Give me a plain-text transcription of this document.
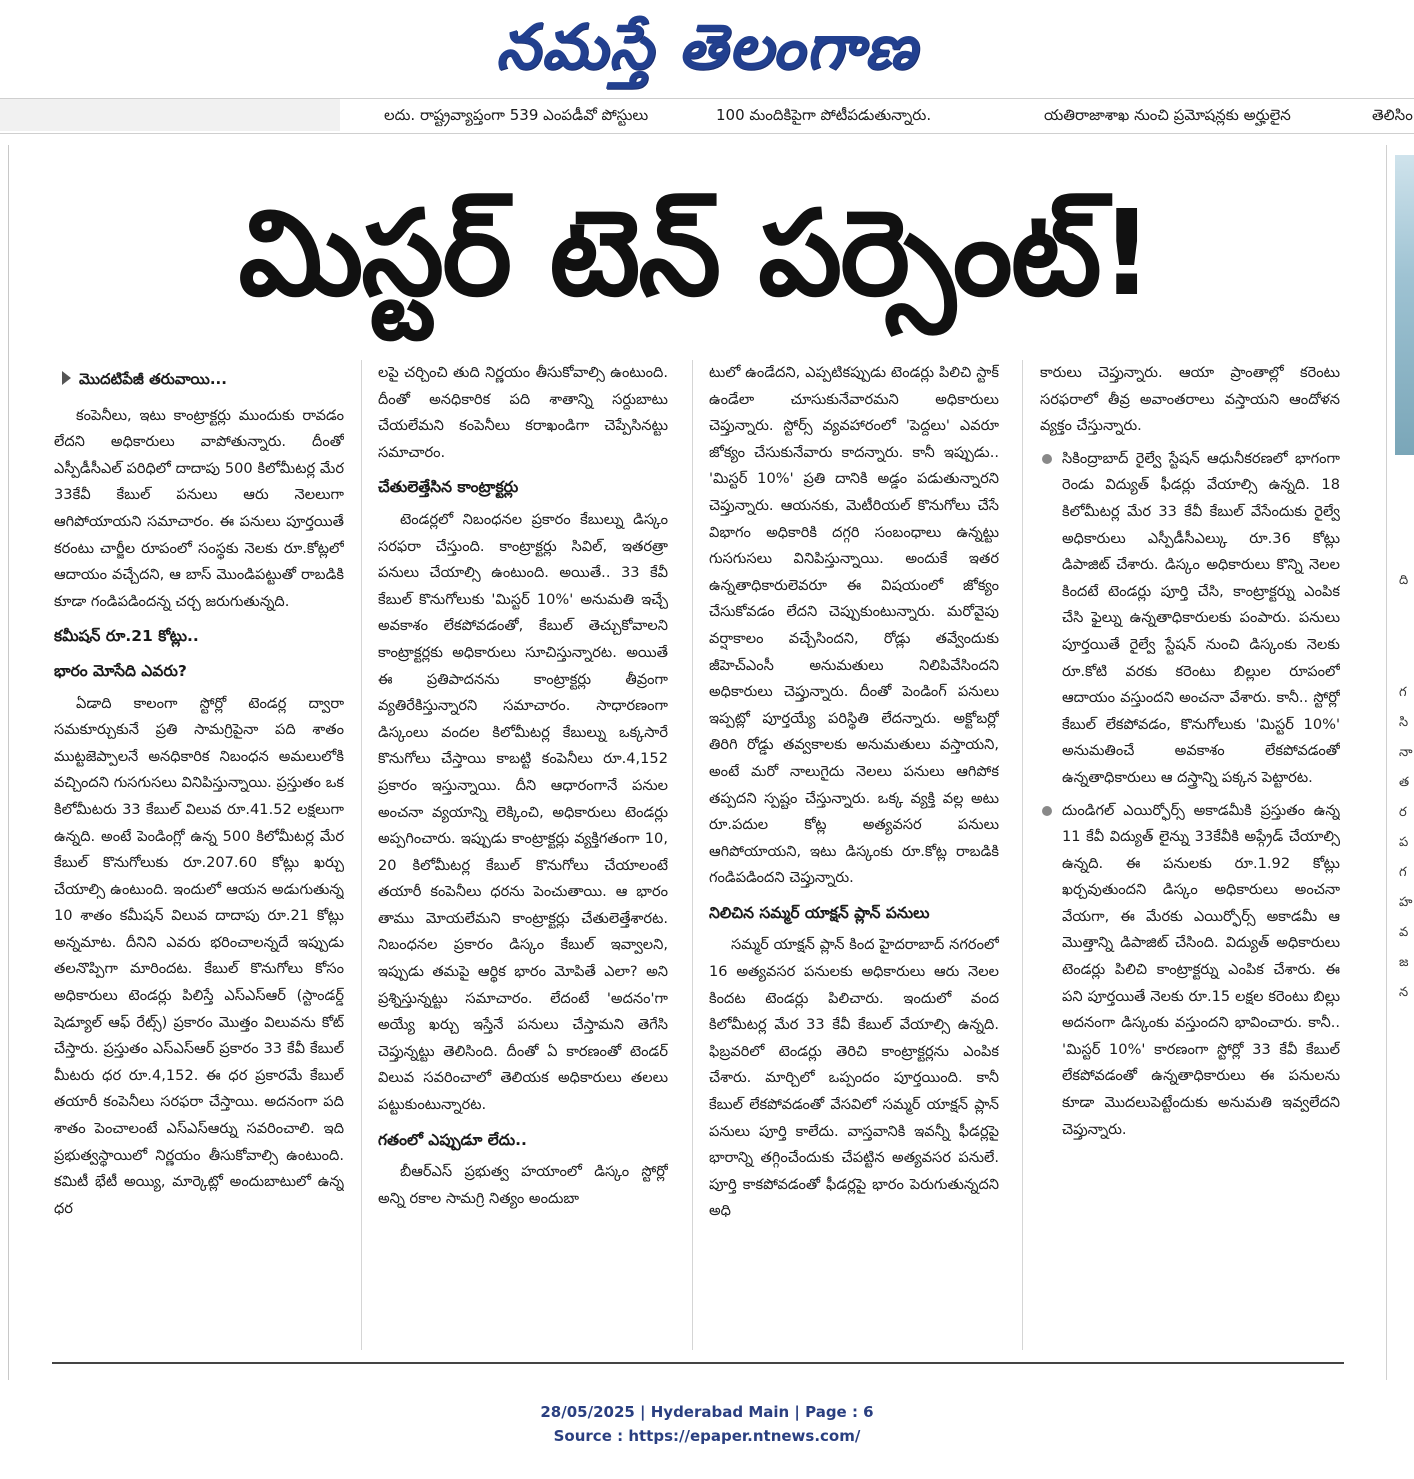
నమస్తే తెలంగాణ
లదు. రాష్ట్రవ్యాప్తంగా 539 ఎంపడీవో పోస్టులు	100 మందికిపైగా పోటీపడుతున్నారు.	యతిరాజాశాఖ నుంచి ప్రమోషన్లకు అర్హులైన	తెలిసిం
ది
గ
సి
నా
త
ర
ప
గ
హ
వ
జ
న
మిస్టర్ టెన్ పర్సెంట్!
మొదటిపేజీ తరువాయి...

కంపెనీలు, ఇటు కాంట్రాక్టర్లు ముందుకు రావడం లేదని అధికారులు వాపోతున్నారు. దీంతో ఎస్పీడీసీఎల్ పరిధిలో దాదాపు 500 కిలోమీటర్ల మేర 33కేవీ కేబుల్ పనులు ఆరు నెలలుగా ఆగిపోయాయని సమాచారం. ఈ పనులు పూర్తయితే కరంటు చార్జీల రూపంలో సంస్థకు నెలకు రూ.కోట్లలో ఆదాయం వచ్చేదని, ఆ బాస్ మొండిపట్టుతో రాబడికి కూడా గండిపడిందన్న చర్చ జరుగుతున్నది.

కమీషన్ రూ.21 కోట్లు..
భారం మోసేది ఎవరు?

ఏడాది కాలంగా స్టోర్లో టెండర్ల ద్వారా సమకూర్చుకునే ప్రతి సామగ్రిపైనా పది శాతం ముట్టజెప్పాలనే అనధికారిక నిబంధన అమలులోకి వచ్చిందని గుసగుసలు వినిపిస్తున్నాయి. ప్రస్తుతం ఒక కిలోమీటరు 33 కేబుల్ విలువ రూ.41.52 లక్షలుగా ఉన్నది. అంటే పెండింగ్లో ఉన్న 500 కిలోమీటర్ల మేర కేబుల్ కొనుగోలుకు రూ.207.60 కోట్లు ఖర్చు చేయాల్సి ఉంటుంది. ఇందులో ఆయన అడుగుతున్న 10 శాతం కమీషన్ విలువ దాదాపు రూ.21 కోట్లు అన్నమాట. దీనిని ఎవరు భరించాలన్నదే ఇప్పుడు తలనొప్పిగా మారిందట. కేబుల్ కొనుగోలు కోసం అధికారులు టెండర్లు పిలిస్తే ఎస్ఎస్ఆర్ (స్టాండర్డ్ షెడ్యూల్ ఆఫ్ రేట్స్) ప్రకారం మొత్తం విలువను కోట్ చేస్తారు. ప్రస్తుతం ఎస్ఎస్ఆర్ ప్రకారం 33 కేవీ కేబుల్ మీటరు ధర రూ.4,152. ఈ ధర ప్రకారమే కేబుల్ తయారీ కంపెనీలు సరఫరా చేస్తాయి. అదనంగా పది శాతం పెంచాలంటే ఎస్ఎస్ఆర్ను సవరించాలి. ఇది ప్రభుత్వస్థాయిలో నిర్ణయం తీసుకోవాల్సి ఉంటుంది. కమిటీ భేటీ అయ్యి, మార్కెట్లో అందుబాటులో ఉన్న ధర

లపై చర్చించి తుది నిర్ణయం తీసుకోవాల్సి ఉంటుంది. దీంతో అనధికారిక పది శాతాన్ని సర్దుబాటు చేయలేమని కంపెనీలు కరాఖండిగా చెప్పేసినట్టు సమాచారం.

చేతులెత్తేసిన కాంట్రాక్టర్లు

టెండర్లలో నిబంధనల ప్రకారం కేబుల్ను డిస్కం సరఫరా చేస్తుంది. కాంట్రాక్టర్లు సివిల్, ఇతరత్రా పనులు చేయాల్సి ఉంటుంది. అయితే.. 33 కేవీ కేబుల్ కొనుగోలుకు 'మిస్టర్ 10%' అనుమతి ఇచ్చే అవకాశం లేకపోవడంతో, కేబుల్ తెచ్చుకోవాలని కాంట్రాక్టర్లకు అధికారులు సూచిస్తున్నారట. అయితే ఈ ప్రతిపాదనను కాంట్రాక్టర్లు తీవ్రంగా వ్యతిరేకిస్తున్నారని సమాచారం. సాధారణంగా డిస్కంలు వందల కిలోమీటర్ల కేబుల్ను ఒక్కసారే కొనుగోలు చేస్తాయి కాబట్టి కంపెనీలు రూ.4,152 ప్రకారం ఇస్తున్నాయి. దీని ఆధారంగానే పనుల అంచనా వ్యయాన్ని లెక్కించి, అధికారులు టెండర్లు అప్పగించారు. ఇప్పుడు కాంట్రాక్టర్లు వ్యక్తిగతంగా 10, 20 కిలోమీటర్ల కేబుల్ కొనుగోలు చేయాలంటే తయారీ కంపెనీలు ధరను పెంచుతాయి. ఆ భారం తాము మోయలేమని కాంట్రాక్టర్లు చేతులెత్తేశారట. నిబంధనల ప్రకారం డిస్కం కేబుల్ ఇవ్వాలని, ఇప్పుడు తమపై ఆర్థిక భారం మోపితే ఎలా? అని ప్రశ్నిస్తున్నట్టు సమాచారం. లేదంటే 'అదనం'గా అయ్యే ఖర్చు ఇస్తేనే పనులు చేస్తామని తెగేసి చెప్తున్నట్టు తెలిసింది. దీంతో ఏ కారణంతో టెండర్ విలువ సవరించాలో తెలియక అధికారులు తలలు పట్టుకుంటున్నారట.

గతంలో ఎప్పుడూ లేదు..

బీఆర్ఎస్ ప్రభుత్వ హయాంలో డిస్కం స్టోర్లో అన్ని రకాల సామగ్రి నిత్యం అందుబా

టులో ఉండేదని, ఎప్పటికప్పుడు టెండర్లు పిలిచి స్టాక్ ఉండేలా చూసుకునేవారమని అధికారులు చెప్తున్నారు. స్టోర్స్ వ్యవహారంలో 'పెద్దలు' ఎవరూ జోక్యం చేసుకునేవారు కాదన్నారు. కానీ ఇప్పుడు.. 'మిస్టర్ 10%' ప్రతి దానికి అడ్డం పడుతున్నారని చెప్తున్నారు. ఆయనకు, మెటీరియల్ కొనుగోలు చేసే విభాగం అధికారికి దగ్గరి సంబంధాలు ఉన్నట్టు గుసగుసలు వినిపిస్తున్నాయి. అందుకే ఇతర ఉన్నతాధికారులెవరూ ఈ విషయంలో జోక్యం చేసుకోవడం లేదని చెప్పుకుంటున్నారు. మరోవైపు వర్షాకాలం వచ్చేసిందని, రోడ్లు తవ్వేందుకు జీహెచ్ఎంసీ అనుమతులు నిలిపివేసిందని అధికారులు చెప్తున్నారు. దీంతో పెండింగ్ పనులు ఇప్పట్లో పూర్తయ్యే పరిస్థితి లేదన్నారు. అక్టోబర్లో తిరిగి రోడ్డు తవ్వకాలకు అనుమతులు వస్తాయని, అంటే మరో నాలుగైదు నెలలు పనులు ఆగిపోక తప్పదని స్పష్టం చేస్తున్నారు. ఒక్క వ్యక్తి వల్ల అటు రూ.పదుల కోట్ల అత్యవసర పనులు ఆగిపోయాయని, ఇటు డిస్కంకు రూ.కోట్ల రాబడికి గండిపడిందని చెప్తున్నారు.

నిలిచిన సమ్మర్ యాక్షన్ ప్లాన్ పనులు

సమ్మర్ యాక్షన్ ప్లాన్ కింద హైదరాబాద్ నగరంలో 16 అత్యవసర పనులకు అధికారులు ఆరు నెలల కిందట టెండర్లు పిలిచారు. ఇందులో వంద కిలోమీటర్ల మేర 33 కేవీ కేబుల్ వేయాల్సి ఉన్నది. ఫిబ్రవరిలో టెండర్లు తెరిచి కాంట్రాక్టర్లను ఎంపిక చేశారు. మార్చిలో ఒప్పందం పూర్తయింది. కానీ కేబుల్ లేకపోవడంతో వేసవిలో సమ్మర్ యాక్షన్ ప్లాన్ పనులు పూర్తి కాలేదు. వాస్తవానికి ఇవన్నీ ఫీడర్లపై భారాన్ని తగ్గించేందుకు చేపట్టిన అత్యవసర పనులే. పూర్తి కాకపోవడంతో ఫీడర్లపై భారం పెరుగుతున్నదని అధి

కారులు చెప్తున్నారు. ఆయా ప్రాంతాల్లో కరెంటు సరఫరాలో తీవ్ర అవాంతరాలు వస్తాయని ఆందోళన వ్యక్తం చేస్తున్నారు.

సికింద్రాబాద్ రైల్వే స్టేషన్ ఆధునీకరణలో భాగంగా రెండు విద్యుత్ ఫీడర్లు వేయాల్సి ఉన్నది. 18 కిలోమీటర్ల మేర 33 కేవీ కేబుల్ వేసేందుకు రైల్వే అధికారులు ఎస్పీడీసీఎల్కు రూ.36 కోట్లు డిపాజిట్ చేశారు. డిస్కం అధికారులు కొన్ని నెలల కిందటే టెండర్లు పూర్తి చేసి, కాంట్రాక్టర్ను ఎంపిక చేసి ఫైల్ను ఉన్నతాధికారులకు పంపారు. పనులు పూర్తయితే రైల్వే స్టేషన్ నుంచి డిస్కంకు నెలకు రూ.కోటి వరకు కరెంటు బిల్లుల రూపంలో ఆదాయం వస్తుందని అంచనా వేశారు. కానీ.. స్టోర్లో కేబుల్ లేకపోవడం, కొనుగోలుకు 'మిస్టర్ 10%' అనుమతించే అవకాశం లేకపోవడంతో ఉన్నతాధికారులు ఆ దస్త్రాన్ని పక్కన పెట్టారట.

దుండిగల్ ఎయిర్ఫోర్స్ అకాడమీకి ప్రస్తుతం ఉన్న 11 కేవీ విద్యుత్ లైన్ను 33కేవీకి అప్గ్రేడ్ చేయాల్సి ఉన్నది. ఈ పనులకు రూ.1.92 కోట్లు ఖర్చవుతుందని డిస్కం అధికారులు అంచనా వేయగా, ఈ మేరకు ఎయిర్ఫోర్స్ అకాడమీ ఆ మొత్తాన్ని డిపాజిట్ చేసింది. విద్యుత్ అధికారులు టెండర్లు పిలిచి కాంట్రాక్టర్ను ఎంపిక చేశారు. ఈ పని పూర్తయితే నెలకు రూ.15 లక్షల కరెంటు బిల్లు అదనంగా డిస్కంకు వస్తుందని భావించారు. కానీ.. 'మిస్టర్ 10%' కారణంగా స్టోర్లో 33 కేవీ కేబుల్ లేకపోవడంతో ఉన్నతాధికారులు ఈ పనులను కూడా మొదలుపెట్టేందుకు అనుమతి ఇవ్వలేదని చెప్తున్నారు.

28/05/2025 | Hyderabad Main | Page : 6
Source : https://epaper.ntnews.com/
